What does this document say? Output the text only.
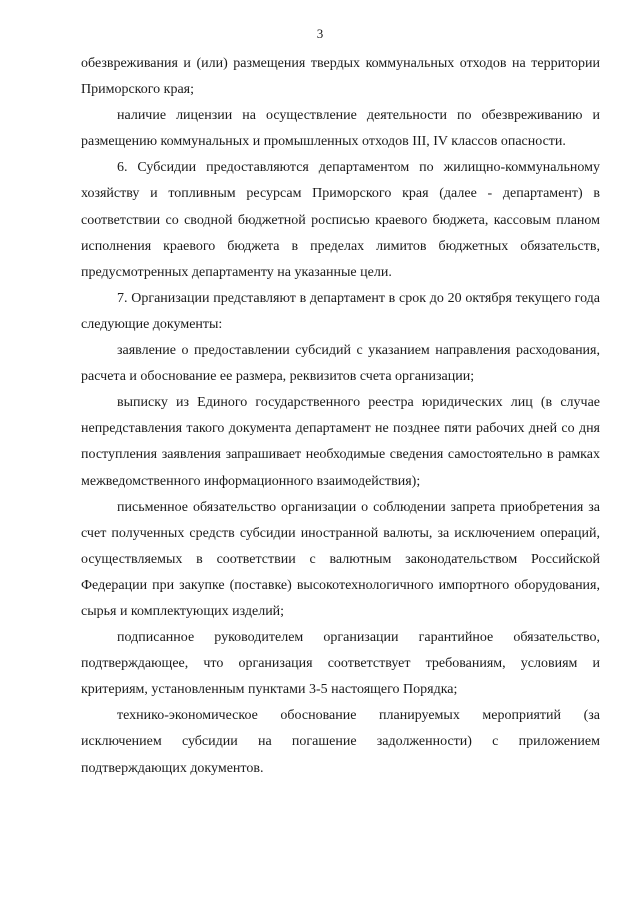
3

обезвреживания и (или) размещения твердых коммунальных отходов на территории Приморского края;

наличие лицензии на осуществление деятельности по обезвреживанию и размещению коммунальных и промышленных отходов III, IV классов опасности.

6. Субсидии предоставляются департаментом по жилищно-коммунальному хозяйству и топливным ресурсам Приморского края (далее - департамент) в соответствии со сводной бюджетной росписью краевого бюджета, кассовым планом исполнения краевого бюджета в пределах лимитов бюджетных обязательств, предусмотренных департаменту на указанные цели.

7. Организации представляют в департамент в срок до 20 октября текущего года следующие документы:

заявление о предоставлении субсидий с указанием направления расходования, расчета и обоснование ее размера, реквизитов счета организации;

выписку из Единого государственного реестра юридических лиц (в случае непредставления такого документа департамент не позднее пяти рабочих дней со дня поступления заявления запрашивает необходимые сведения самостоятельно в рамках межведомственного информационного взаимодействия);

письменное обязательство организации о соблюдении запрета приобретения за счет полученных средств субсидии иностранной валюты, за исключением операций, осуществляемых в соответствии с валютным законодательством Российской Федерации при закупке (поставке) высокотехнологичного импортного оборудования, сырья и комплектующих изделий;

подписанное руководителем организации гарантийное обязательство, подтверждающее, что организация соответствует требованиям, условиям и критериям, установленным пунктами 3-5 настоящего Порядка;

технико-экономическое обоснование планируемых мероприятий (за исключением субсидии на погашение задолженности) с приложением подтверждающих документов.
